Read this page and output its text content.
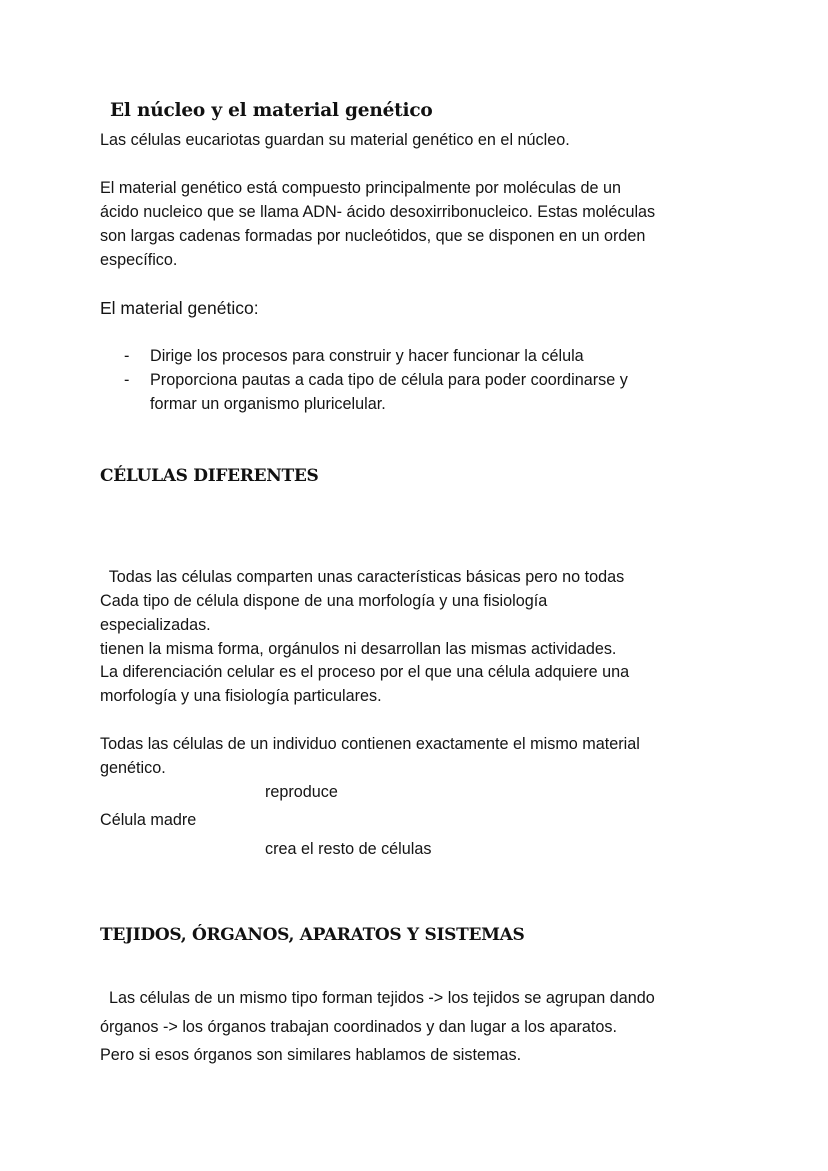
El núcleo y el material genético

Las células eucariotas guardan su material genético en el núcleo.

El material genético está compuesto principalmente por moléculas de un
ácido nucleico que se llama ADN- ácido desoxirribonucleico. Estas moléculas
son largas cadenas formadas por nucleótidos, que se disponen en un orden
específico.

El material genético:

- Dirige los procesos para construir y hacer funcionar la célula
- Proporciona pautas a cada tipo de célula para poder coordinarse y
formar un organismo pluricelular.
CÉLULAS DIFERENTES

Todas las células comparten unas características básicas pero no todas

tienen la misma forma, orgánulos ni desarrollan las mismas actividades.

Cada tipo de célula dispone de una morfología y una fisiología
especializadas.

La diferenciación celular es el proceso por el que una célula adquiere una
morfología y una fisiología particulares.

Todas las células de un individuo contienen exactamente el mismo material
genético.

reproduce
Célula madre
crea el resto de células
TEJIDOS, ÓRGANOS, APARATOS Y SISTEMAS

Las células de un mismo tipo forman tejidos -> los tejidos se agrupan dando
órganos -> los órganos trabajan coordinados y dan lugar a los aparatos.
Pero si esos órganos son similares hablamos de sistemas.
